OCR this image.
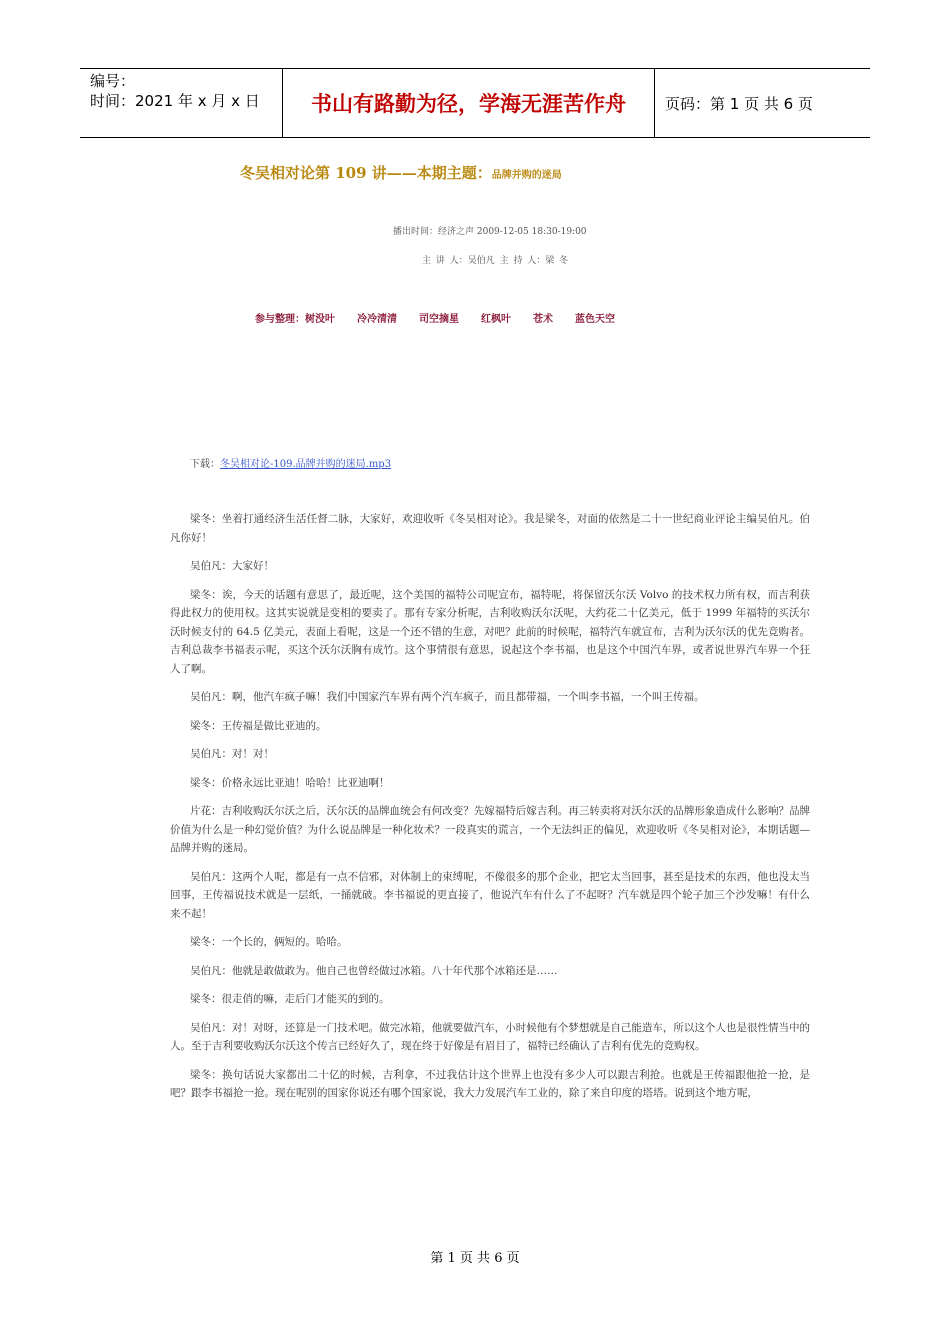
编号：
时间：2021 年 x 月 x 日	书山有路勤为径，学海无涯苦作舟	页码：第 1 页 共 6 页
冬吴相对论第 109 讲——本期主题：品牌并购的迷局
播出时间：经济之声 2009-12-05 18:30-19:00
主 讲 人：吴伯凡 主 持 人：梁 冬
参与整理：树没叶 冷冷清清 司空摘星 红枫叶 苍术 蓝色天空
下载：冬吴相对论-109.品牌并购的迷局.mp3

梁冬：坐着打通经济生活任督二脉，大家好，欢迎收听《冬吴相对论》。我是梁冬，对面的依然是二十一世纪商业评论主编吴伯凡。伯凡你好！

吴伯凡：大家好！

梁冬：诶，今天的话题有意思了，最近呢，这个美国的福特公司呢宣布，福特呢，将保留沃尔沃 Volvo 的技术权力所有权，而吉利获得此权力的使用权。这其实说就是变相的要卖了。那有专家分析呢，吉利收购沃尔沃呢，大约花二十亿美元，低于 1999 年福特的买沃尔沃时候支付的 64.5 亿美元，表面上看呢，这是一个还不错的生意，对吧？此前的时候呢，福特汽车就宣布，吉利为沃尔沃的优先竞购者。吉利总裁李书福表示呢，买这个沃尔沃胸有成竹。这个事情很有意思，说起这个李书福，也是这个中国汽车界，或者说世界汽车界一个狂人了啊。

吴伯凡：啊，他汽车疯子嘛！我们中国家汽车界有两个汽车疯子，而且都带福，一个叫李书福，一个叫王传福。

梁冬：王传福是做比亚迪的。

吴伯凡：对！对！

梁冬：价格永远比亚迪！哈哈！比亚迪啊！

片花：吉利收购沃尔沃之后，沃尔沃的品牌血统会有何改变？先嫁福特后嫁吉利。再三转卖将对沃尔沃的品牌形象造成什么影响？品牌价值为什么是一种幻觉价值？为什么说品牌是一种化妆术？一段真实的谎言，一个无法纠正的偏见，欢迎收听《冬吴相对论》，本期话题—品牌并购的迷局。

吴伯凡：这两个人呢，都是有一点不信邪，对体制上的束缚呢，不像很多的那个企业，把它太当回事，甚至是技术的东西，他也没太当回事，王传福说技术就是一层纸，一捅就破。李书福说的更直接了，他说汽车有什么了不起呀？汽车就是四个轮子加三个沙发嘛！有什么来不起！

梁冬：一个长的，俩短的。哈哈。

吴伯凡：他就是敢做敢为。他自己也曾经做过冰箱。八十年代那个冰箱还是……

梁冬：很走俏的嘛，走后门才能买的到的。

吴伯凡：对！对呀，还算是一门技术吧。做完冰箱，他就要做汽车，小时候他有个梦想就是自己能造车，所以这个人也是很性情当中的人。至于吉利要收购沃尔沃这个传言已经好久了，现在终于好像是有眉目了，福特已经确认了吉利有优先的竞购权。

梁冬：换句话说大家都出二十亿的时候，吉利拿，不过我估计这个世界上也没有多少人可以跟吉利抢。也就是王传福跟他抢一抢，是吧？跟李书福抢一抢。现在呢别的国家你说还有哪个国家说，我大力发展汽车工业的，除了来自印度的塔塔。说到这个地方呢，

第 1 页 共 6 页
